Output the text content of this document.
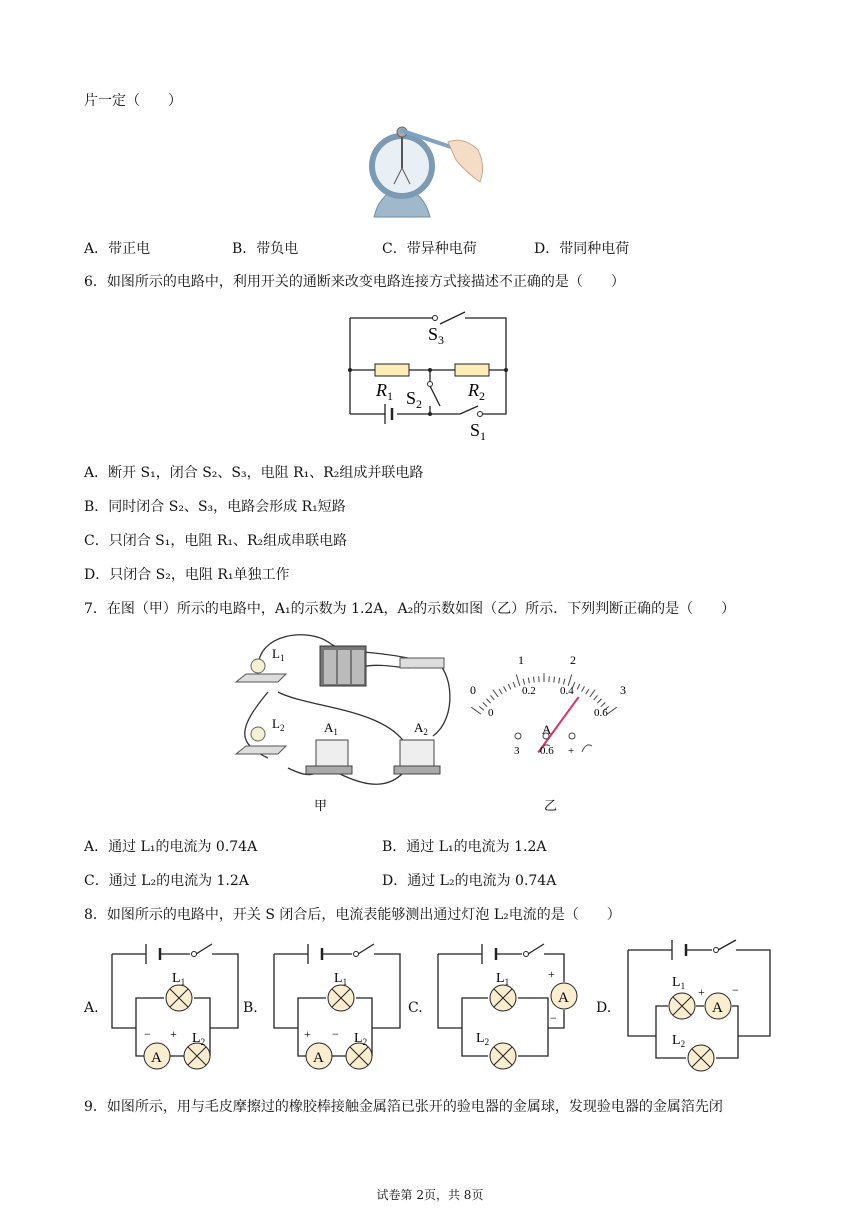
片一定（　　）
A．带正电	B．带负电	C．带异种电荷	D．带同种电荷
6．如图所示的电路中，利用开关的通断来改变电路连接方式接描述不正确的是（　　）
$S_3$
$R_1$	$R_2$
$S_2$
$S_1$
A．断开 S₁，闭合 S₂、S₃，电阻 R₁、R₂组成并联电路
B．同时闭合 S₂、S₃，电路会形成 R₁短路
C．只闭合 S₁，电阻 R₁、R₂组成串联电路
D．只闭合 S₂，电阻 R₁单独工作
7．在图（甲）所示的电路中，A₁的示数为 1.2A，A₂的示数如图（乙）所示．下列判断正确的是（　　）
$L_1$
$L_2$	$A_1$	$A_2$
甲
1	2
3
0
0
0.2 0.4
0.6
A
3 0.6 +
乙
A．通过 L₁的电流为 0.74A	B．通过 L₁的电流为 1.2A
C．通过 L₂的电流为 1.2A	D．通过 L₂的电流为 0.74A
8．如图所示的电路中，开关 S 闭合后，电流表能够测出通过灯泡 L₂电流的是（　　）
A.	B.	C.	D.
A
$L_1$
$L_2$
− +
A
$L_1$
$L_2$
+ −
A
$L_1$
$L_2$
+
−
A
$L_1$
$L_2$
+ −
9．如图所示，用与毛皮摩擦过的橡胶棒接触金属箔已张开的验电器的金属球，发现验电器的金属箔先闭
试卷第 2页，共 8页
